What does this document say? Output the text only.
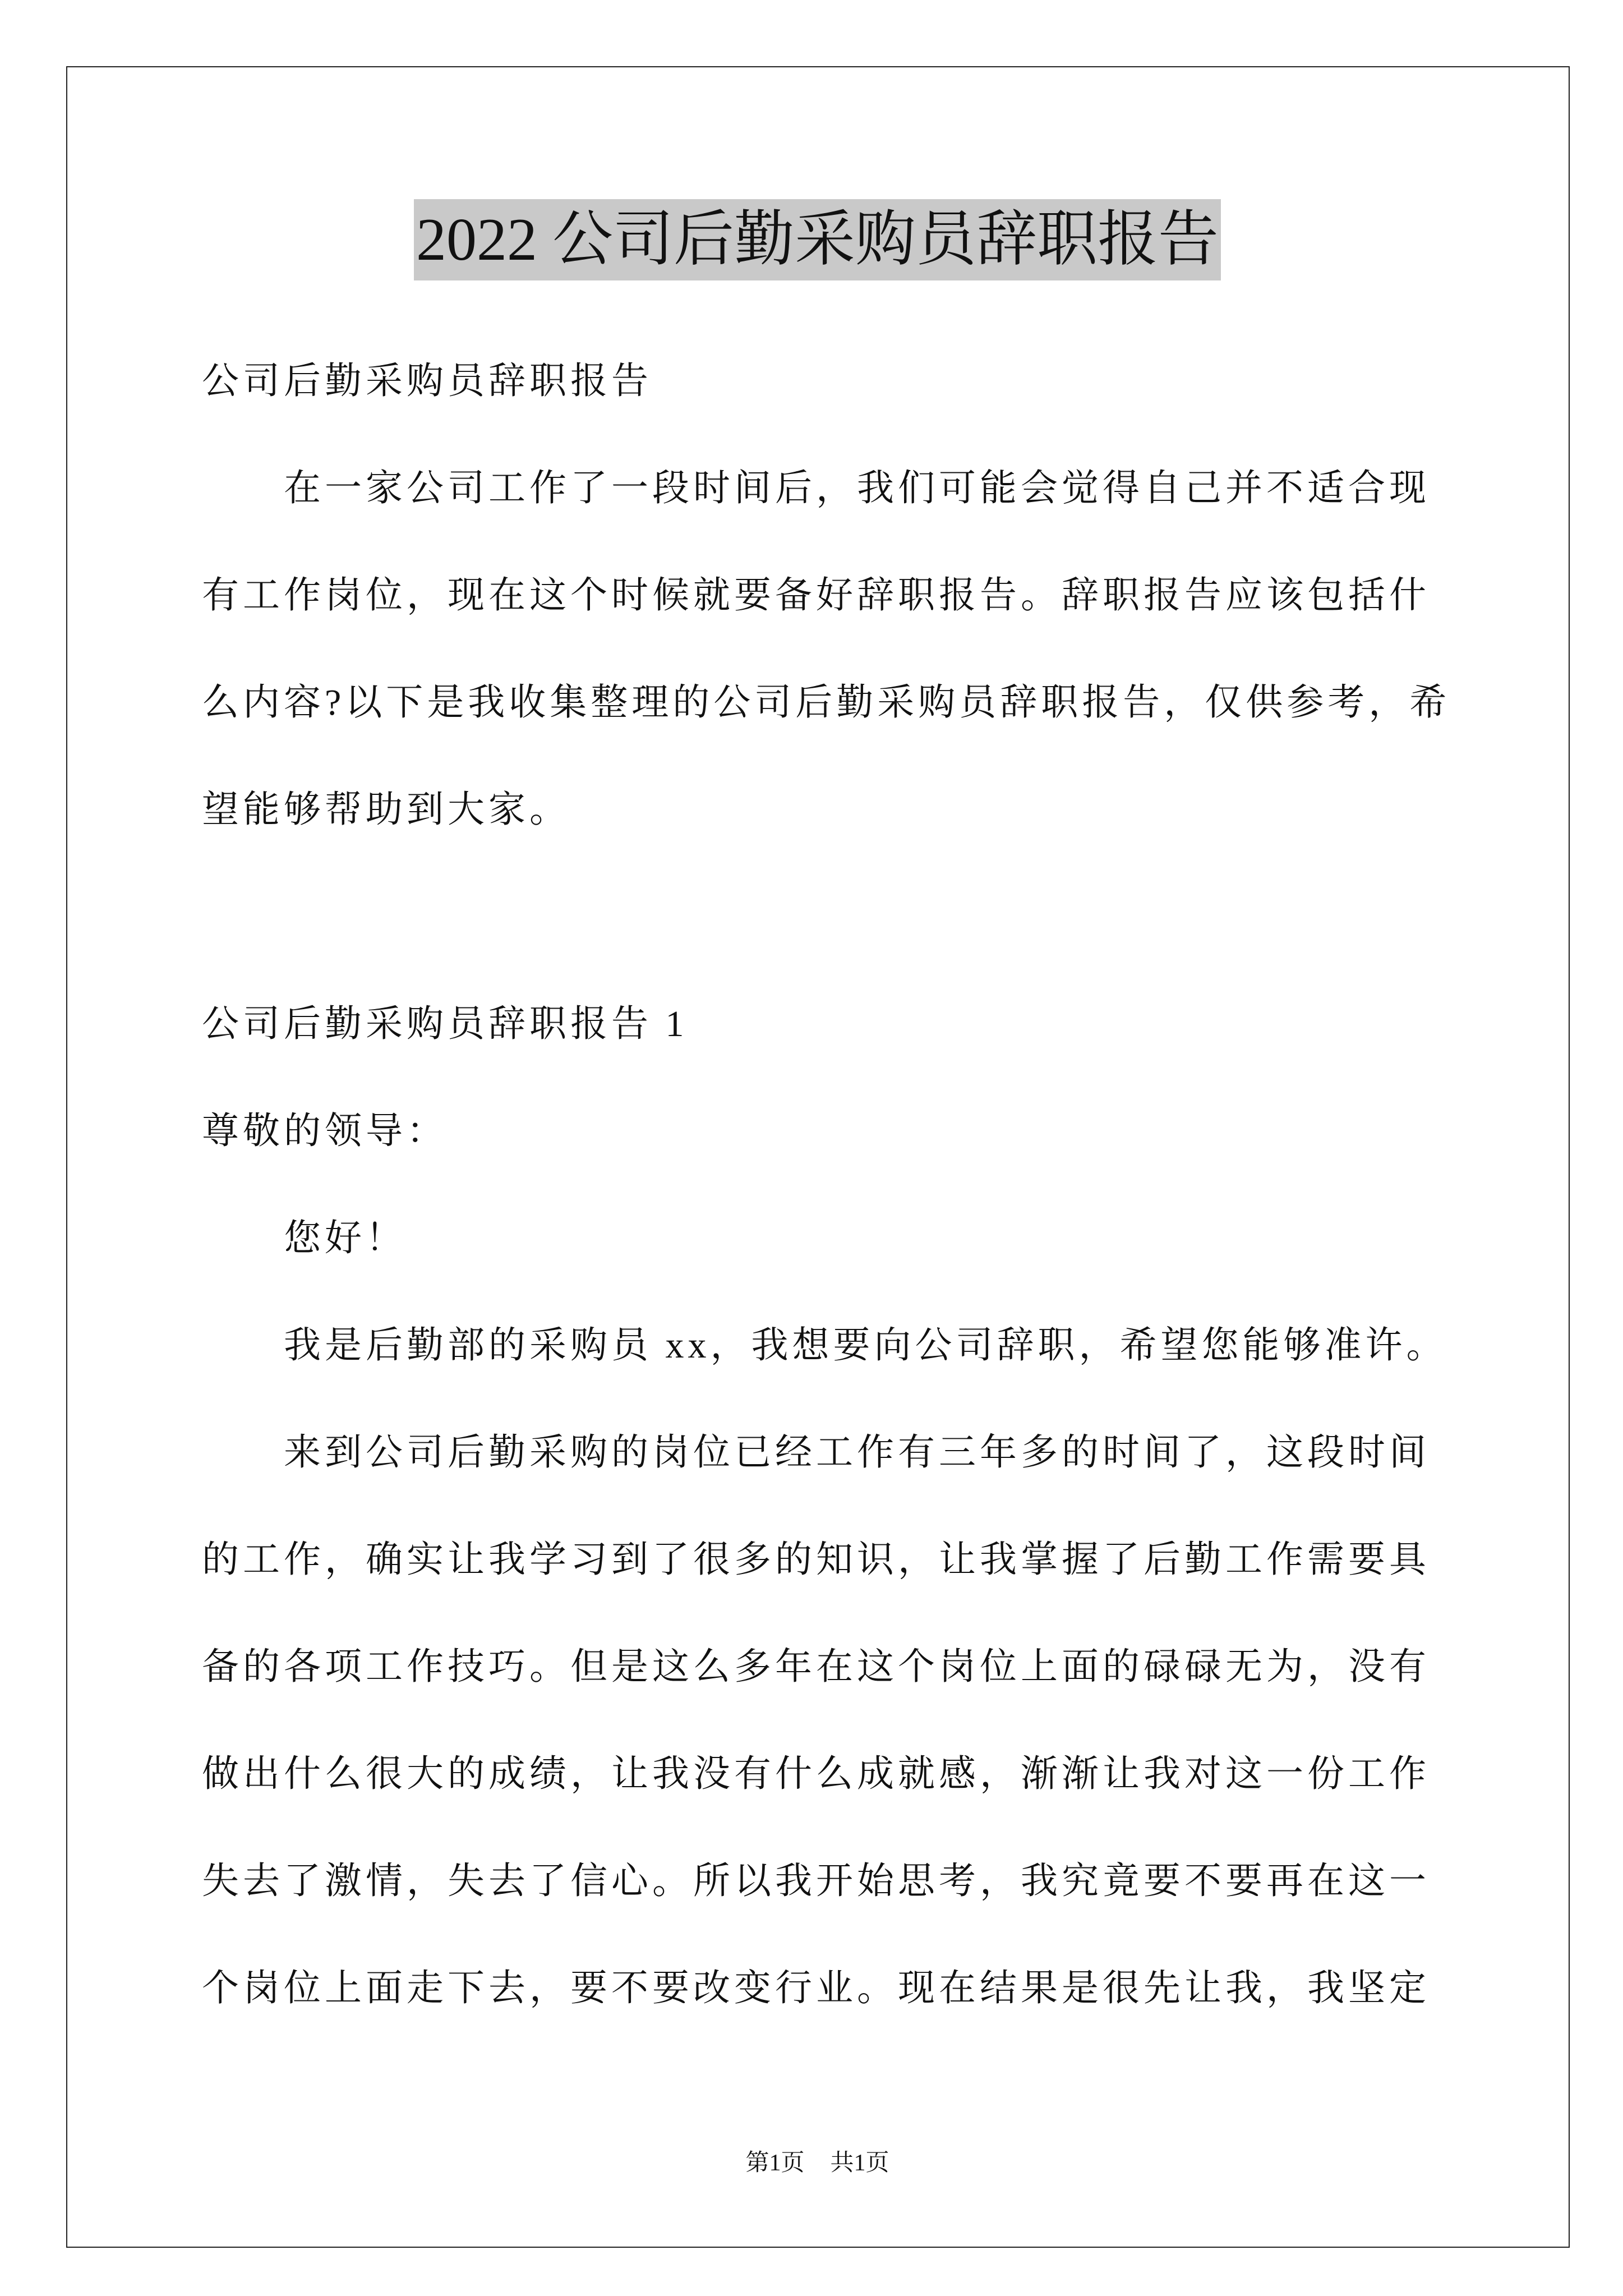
2022 公司后勤采购员辞职报告
公司后勤采购员辞职报告
在一家公司工作了一段时间后，我们可能会觉得自己并不适合现
有工作岗位，现在这个时候就要备好辞职报告。辞职报告应该包括什
么内容?以下是我收集整理的公司后勤采购员辞职报告，仅供参考，希
望能够帮助到大家。
公司后勤采购员辞职报告 1
尊敬的领导：
您好！
我是后勤部的采购员 xx，我想要向公司辞职，希望您能够准许。
来到公司后勤采购的岗位已经工作有三年多的时间了，这段时间
的工作，确实让我学习到了很多的知识，让我掌握了后勤工作需要具
备的各项工作技巧。但是这么多年在这个岗位上面的碌碌无为，没有
做出什么很大的成绩，让我没有什么成就感，渐渐让我对这一份工作
失去了激情，失去了信心。所以我开始思考，我究竟要不要再在这一
个岗位上面走下去，要不要改变行业。现在结果是很先让我，我坚定
第1页 共1页
